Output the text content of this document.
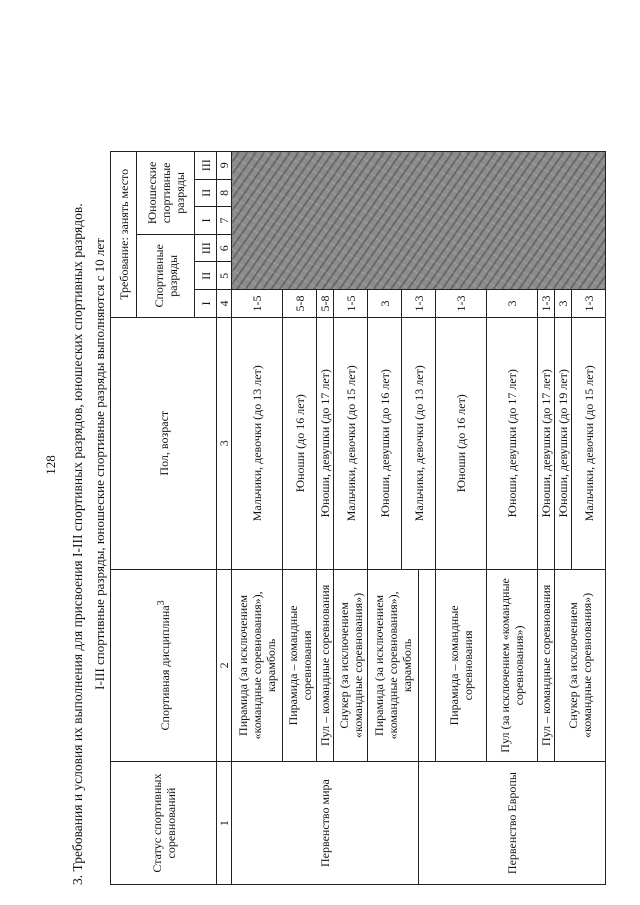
128 3. Требования и условия их выполнения для присвоения I-III спортивных разрядов, юношеских спортивных разрядов. I-III спортивные разряды, юношеские спортивные разряды выполняются с 10 лет
Статус спортивных соревнований	Спортивная дисциплина$^3$	Пол, возраст	Требование: занять место						
			Спортивные разряды			Юношеские спортивные разряды			
			I	II	III	I	II	III	
1	2	3	4	5	6	7	8	9	
Первенство мира	Пирамида (за исключением «командные соревнования»), карамболь	Мальчики, девочки (до 13 лет)	1-5						

	Пирамида – командные соревнования	Юноши (до 16 лет)	5-8						

	Пул – командные соревнования	Юноши, девушки (до 17 лет)	5-8						
	Снукер (за исключением «командные соревнования»)	Мальчики, девочки (до 15 лет)	1-5						

	Пирамида (за исключением «командные соревнования»), карамболь	Юноши, девушки (до 16 лет)	3						

		Мальчики, девочки (до 13 лет)	1-3						
Первенство Европы									
	Пирамида – командные соревнования	Юноши (до 16 лет)	1-3						

	Пул (за исключением «командные соревнования»)	Юноши, девушки (до 17 лет)	3						

	Пул – командные соревнования	Юноши, девушки (до 17 лет)	1-3						
	Снукер (за исключением «командные соревнования»)	Юноши, девушки (до 19 лет)	3						
		Мальчики, девочки (до 15 лет)	1-3						
